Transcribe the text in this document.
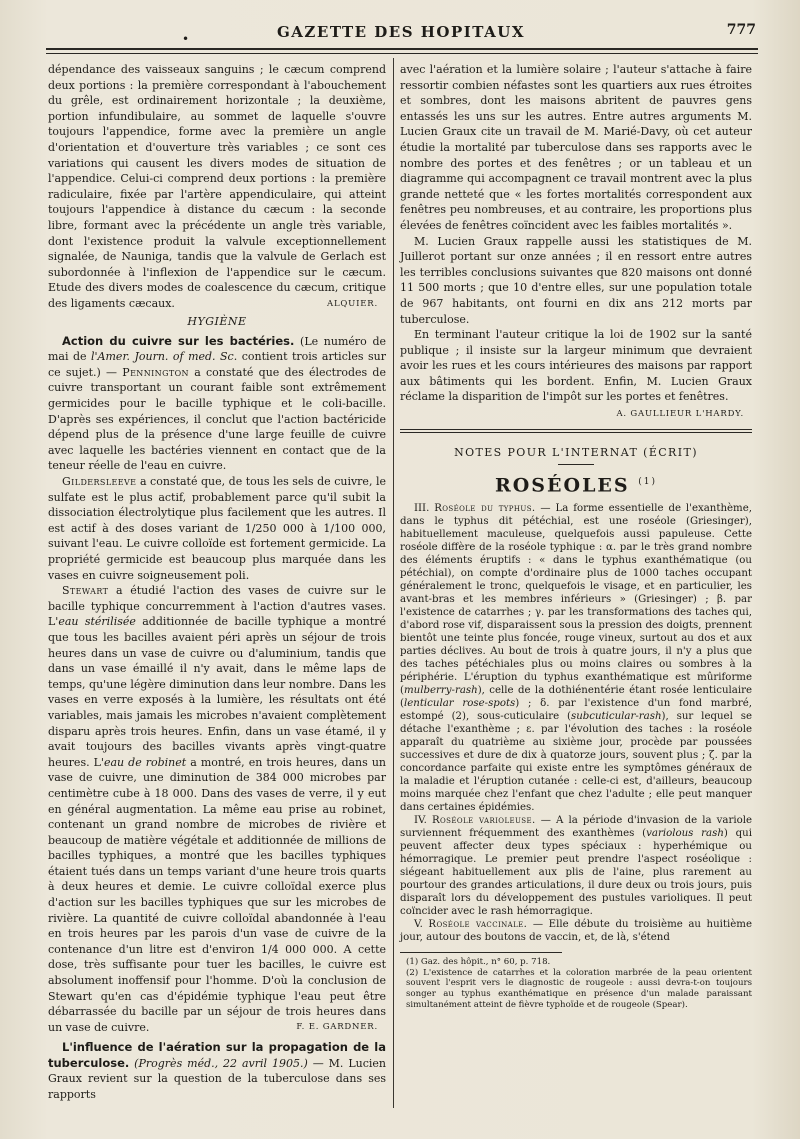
•	GAZETTE DES HOPITAUX	777

dépendance des vaisseaux sanguins ; le cæcum comprend deux portions : la première correspondant à l'abouchement du grêle, est ordinairement horizontale ; la deuxième, portion infundibulaire, au sommet de laquelle s'ouvre toujours l'appendice, forme avec la première un angle d'orientation et d'ouverture très variables ; ce sont ces variations qui causent les divers modes de situation de l'appendice. Celui-ci comprend deux portions : la première radiculaire, fixée par l'artère appendiculaire, qui atteint toujours l'appendice à distance du cæcum : la seconde libre, formant avec la précédente un angle très variable, dont l'existence produit la valvule exceptionnellement signalée, de Nauniga, tandis que la valvule de Gerlach est subordonnée à l'inflexion de l'appendice sur le cæcum. Etude des divers modes de coalescence du cæcum, critique des ligaments cæcaux.	ALQUIER.

HYGIÈNE

Action du cuivre sur les bactéries. (Le numéro de mai de l'Amer. Journ. of med. Sc. contient trois articles sur ce sujet.) — Pennington a constaté que des électrodes de cuivre transportant un courant faible sont extrêmement germicides pour le bacille typhique et le coli-bacille. D'après ses expériences, il conclut que l'action bactéricide dépend plus de la présence d'une large feuille de cuivre avec laquelle les bactéries viennent en contact que de la teneur réelle de l'eau en cuivre.

Gildersleeve a constaté que, de tous les sels de cuivre, le sulfate est le plus actif, probablement parce qu'il subit la dissociation électrolytique plus facilement que les autres. Il est actif à des doses variant de 1/250 000 à 1/100 000, suivant l'eau. Le cuivre colloïde est fortement germicide. La propriété germicide est beaucoup plus marquée dans les vases en cuivre soigneusement poli.

Stewart a étudié l'action des vases de cuivre sur le bacille typhique concurremment à l'action d'autres vases. L'eau stérilisée additionnée de bacille typhique a montré que tous les bacilles avaient péri après un séjour de trois heures dans un vase de cuivre ou d'aluminium, tandis que dans un vase émaillé il n'y avait, dans le même laps de temps, qu'une légère diminution dans leur nombre. Dans les vases en verre exposés à la lumière, les résultats ont été variables, mais jamais les microbes n'avaient complètement disparu après trois heures. Enfin, dans un vase étamé, il y avait toujours des bacilles vivants après vingt-quatre heures. L'eau de robinet a montré, en trois heures, dans un vase de cuivre, une diminution de 384 000 microbes par centimètre cube à 18 000. Dans des vases de verre, il y eut en général augmentation. La même eau prise au robinet, contenant un grand nombre de microbes de rivière et beaucoup de matière végétale et additionnée de millions de bacilles typhiques, a montré que les bacilles typhiques étaient tués dans un temps variant d'une heure trois quarts à deux heures et demie. Le cuivre colloïdal exerce plus d'action sur les bacilles typhiques que sur les microbes de rivière. La quantité de cuivre colloïdal abandonnée à l'eau en trois heures par les parois d'un vase de cuivre de la contenance d'un litre est d'environ 1/4 000 000. A cette dose, très suffisante pour tuer les bacilles, le cuivre est absolument inoffensif pour l'homme. D'où la conclusion de Stewart qu'en cas d'épidémie typhique l'eau peut être débarrassée du bacille par un séjour de trois heures dans un vase de cuivre.	F. E. GARDNER.

L'influence de l'aération sur la propagation de la tuberculose. (Progrès méd., 22 avril 1905.) — M. Lucien Graux revient sur la question de la tuberculose dans ses rapports

avec l'aération et la lumière solaire ; l'auteur s'attache à faire ressortir combien néfastes sont les quartiers aux rues étroites et sombres, dont les maisons abritent de pauvres gens entassés les uns sur les autres. Entre autres arguments M. Lucien Graux cite un travail de M. Marié-Davy, où cet auteur étudie la mortalité par tuberculose dans ses rapports avec le nombre des portes et des fenêtres ; or un tableau et un diagramme qui accompagnent ce travail montrent avec la plus grande netteté que « les fortes mortalités correspondent aux fenêtres peu nombreuses, et au contraire, les proportions plus élevées de fenêtres coïncident avec les faibles mortalités ».

M. Lucien Graux rappelle aussi les statistiques de M. Juillerot portant sur onze années ; il en ressort entre autres les terribles conclusions suivantes que 820 maisons ont donné 11 500 morts ; que 10 d'entre elles, sur une population totale de 967 habitants, ont fourni en dix ans 212 morts par tuberculose.

En terminant l'auteur critique la loi de 1902 sur la santé publique ; il insiste sur la largeur minimum que devraient avoir les rues et les cours intérieures des maisons par rapport aux bâtiments qui les bordent. Enfin, M. Lucien Graux réclame la disparition de l'impôt sur les portes et fenêtres.

A. GAULLIEUR L'HARDY.

NOTES POUR L'INTERNAT (ÉCRIT)
ROSÉOLES $^{(1)}$

III. Roséole du typhus. — La forme essentielle de l'exanthème, dans le typhus dit pétéchial, est une roséole (Griesinger), habituellement maculeuse, quelquefois aussi papuleuse. Cette roséole diffère de la roséole typhique : α. par le très grand nombre des éléments éruptifs : « dans le typhus exanthématique (ou pétéchial), on compte d'ordinaire plus de 1000 taches occupant généralement le tronc, quelquefois le visage, et en particulier, les avant-bras et les membres inférieurs » (Griesinger) ; β. par l'existence de catarrhes ; γ. par les transformations des taches qui, d'abord rose vif, disparaissent sous la pression des doigts, prennent bientôt une teinte plus foncée, rouge vineux, surtout au dos et aux parties déclives. Au bout de trois à quatre jours, il n'y a plus que des taches pétéchiales plus ou moins claires ou sombres à la périphérie. L'éruption du typhus exanthématique est mûriforme (mulberry-rash), celle de la dothiénentérie étant rosée lenticulaire (lenticular rose-spots) ; δ. par l'existence d'un fond marbré, estompé (2), sous-cuticulaire (subcuticular-rash), sur lequel se détache l'exanthème ; ε. par l'évolution des taches : la roséole apparaît du quatrième au sixième jour, procède par poussées successives et dure de dix à quatorze jours, souvent plus ; ζ. par la concordance parfaite qui existe entre les symptômes généraux de la maladie et l'éruption cutanée : celle-ci est, d'ailleurs, beaucoup moins marquée chez l'enfant que chez l'adulte ; elle peut manquer dans certaines épidémies.

IV. Roséole varioleuse. — A la période d'invasion de la variole surviennent fréquemment des exanthèmes (variolous rash) qui peuvent affecter deux types spéciaux : hyperhémique ou hémorragique. Le premier peut prendre l'aspect roséolique : siégeant habituellement aux plis de l'aine, plus rarement au pourtour des grandes articulations, il dure deux ou trois jours, puis disparaît lors du développement des pustules varioliques. Il peut coïncider avec le rash hémorragique.

V. Roséole vaccinale. — Elle débute du troisième au huitième jour, autour des boutons de vaccin, et, de là, s'étend

(1) Gaz. des hôpit., n° 60, p. 718.

(2) L'existence de catarrhes et la coloration marbrée de la peau orientent souvent l'esprit vers le diagnostic de rougeole : aussi devra-t-on toujours songer au typhus exanthématique en présence d'un malade paraissant simultanément atteint de fièvre typhoïde et de rougeole (Spear).
